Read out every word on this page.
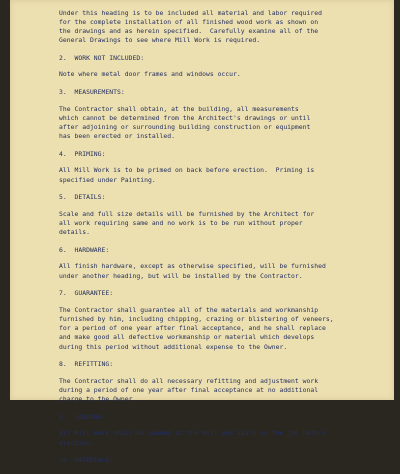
Under this heading is to be included all material and labor required
for the complete installation of all finished wood work as shown on
the drawings and as herein specified.  Carefully examine all of the
General Drawings to see where Mill Work is required.
2.  WORK NOT INCLUDED:
Note where metal door frames and windows occur.
3.  MEASUREMENTS:
The Contractor shall obtain, at the building, all measurements
which cannot be determined from the Architect's drawings or until
after adjoining or surrounding building construction or equipment
has been erected or installed.
4.  PRIMING:
All Mill Work is to be primed on back before erection.  Priming is
specified under Painting.
5.  DETAILS:
Scale and full size details will be furnished by the Architect for
all work requiring same and no work is to be run without proper
details.
6.  HARDWARE:
All finish hardware, except as otherwise specified, will be furnished
under another heading, but will be installed by the Contractor.
7.  GUARANTEE:
The Contractor shall guarantee all of the materials and workmanship
furnished by him, including chipping, crazing or blistering of veneers,
for a period of one year after final acceptance, and he shall replace
and make good all defective workmanship or material which develops
during this period without additional expense to the Owner.
8.  REFITTING:
The Contractor shall do all necessary refitting and adjustment work
during a period of one year after final acceptance at no additional
charge to the Owner.
9.  SANDING:
All Mill Work shall be sanded at the mill and again on the job before
erection.
10. MATERIALS:
